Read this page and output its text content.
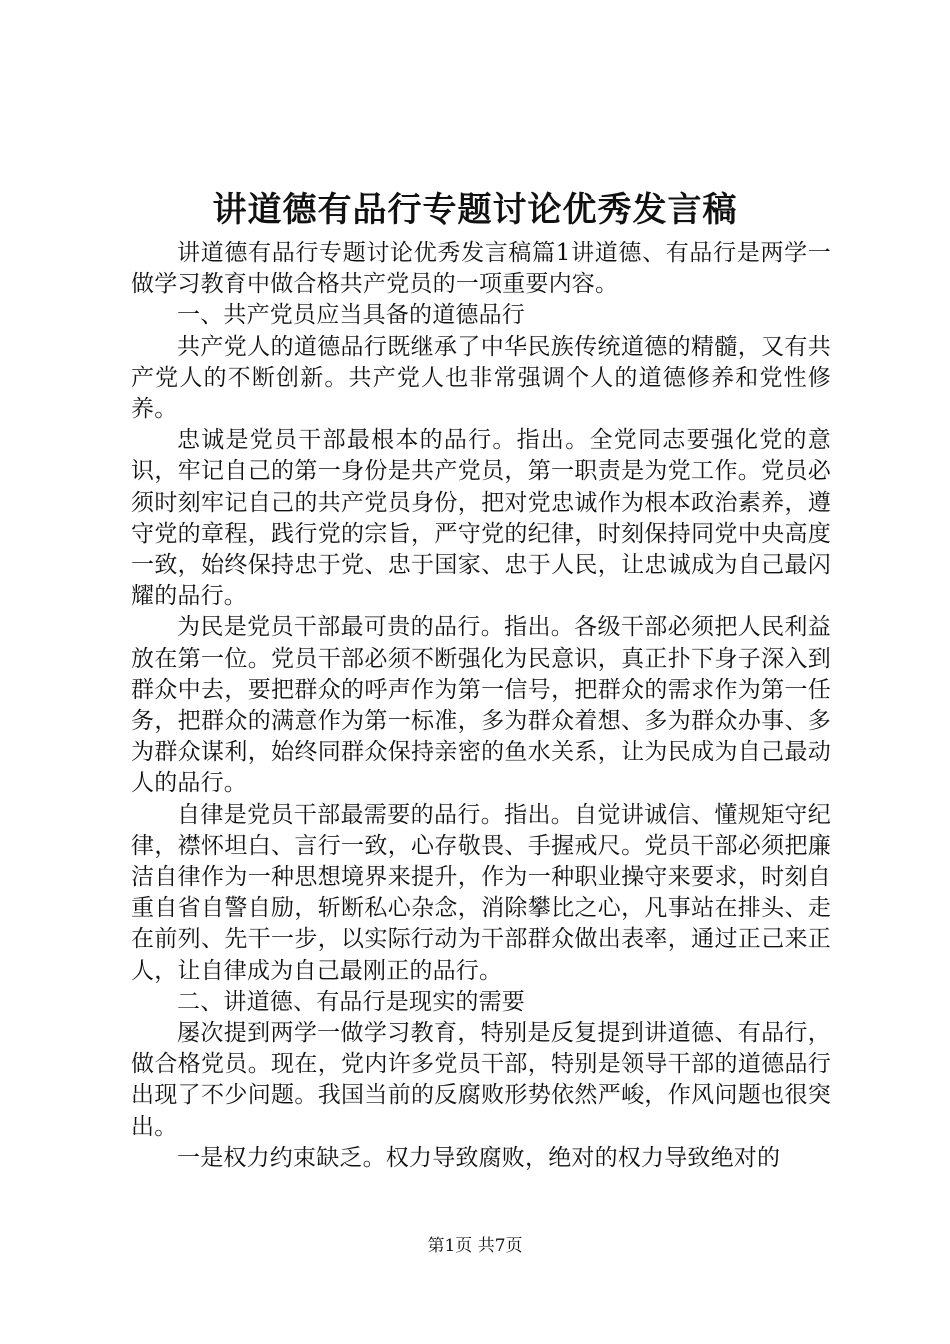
讲道德有品行专题讨论优秀发言稿

讲道德有品行专题讨论优秀发言稿篇1讲道德、有品行是两学一做学习教育中做合格共产党员的一项重要内容。

一、共产党员应当具备的道德品行

共产党人的道德品行既继承了中华民族传统道德的精髓，又有共产党人的不断创新。共产党人也非常强调个人的道德修养和党性修养。

忠诚是党员干部最根本的品行。指出。全党同志要强化党的意识，牢记自己的第一身份是共产党员，第一职责是为党工作。党员必须时刻牢记自己的共产党员身份，把对党忠诚作为根本政治素养，遵守党的章程，践行党的宗旨，严守党的纪律，时刻保持同党中央高度一致，始终保持忠于党、忠于国家、忠于人民，让忠诚成为自己最闪耀的品行。

为民是党员干部最可贵的品行。指出。各级干部必须把人民利益放在第一位。党员干部必须不断强化为民意识，真正扑下身子深入到群众中去，要把群众的呼声作为第一信号，把群众的需求作为第一任务，把群众的满意作为第一标准，多为群众着想、多为群众办事、多为群众谋利，始终同群众保持亲密的鱼水关系，让为民成为自己最动人的品行。

自律是党员干部最需要的品行。指出。自觉讲诚信、懂规矩守纪律，襟怀坦白、言行一致，心存敬畏、手握戒尺。党员干部必须把廉洁自律作为一种思想境界来提升，作为一种职业操守来要求，时刻自重自省自警自励，斩断私心杂念，消除攀比之心，凡事站在排头、走在前列、先干一步，以实际行动为干部群众做出表率，通过正己来正人，让自律成为自己最刚正的品行。

二、讲道德、有品行是现实的需要

屡次提到两学一做学习教育，特别是反复提到讲道德、有品行，做合格党员。现在，党内许多党员干部，特别是领导干部的道德品行出现了不少问题。我国当前的反腐败形势依然严峻，作风问题也很突出。

一是权力约束缺乏。权力导致腐败，绝对的权力导致绝对的

第1页 共7页
